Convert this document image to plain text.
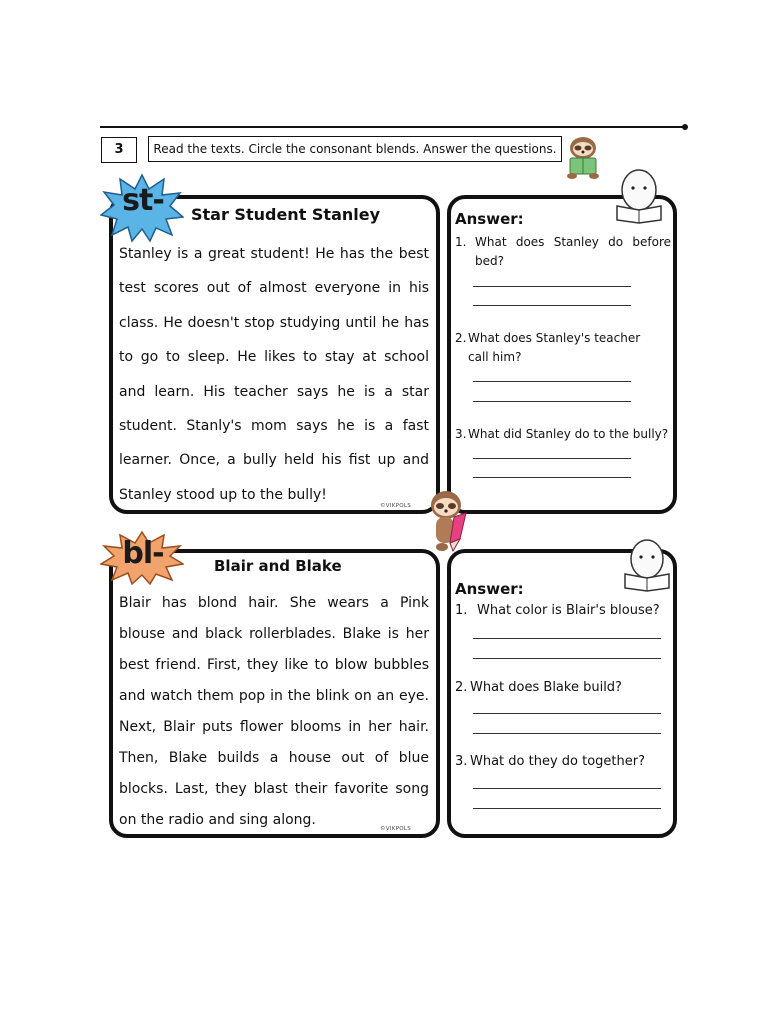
3	Read the texts. Circle the consonant blends. Answer the questions.
st-	Star Student Stanley
Stanley is a great student! He has the best test scores out of almost everyone in his class. He doesn't stop studying until he has to go to sleep. He likes to stay at school and learn. His teacher says he is a star student. Stanly's mom says he is a fast learner. Once, a bully held his fist up and Stanley stood up to the bully!
©VIKPOLS
Answer:
1. What does Stanley do before bed?
2. What does Stanley's teacher call him?
3. What did Stanley do to the bully?
bl-	Blair and Blake
Blair has blond hair. She wears a Pink blouse and black rollerblades. Blake is her best friend. First, they like to blow bubbles and watch them pop in the blink on an eye. Next, Blair puts flower blooms in her hair. Then, Blake builds a house out of blue blocks. Last, they blast their favorite song on the radio and sing along.
©VIKPOLS
Answer:
1. What color is Blair's blouse?
2. What does Blake build?
3. What do they do together?
